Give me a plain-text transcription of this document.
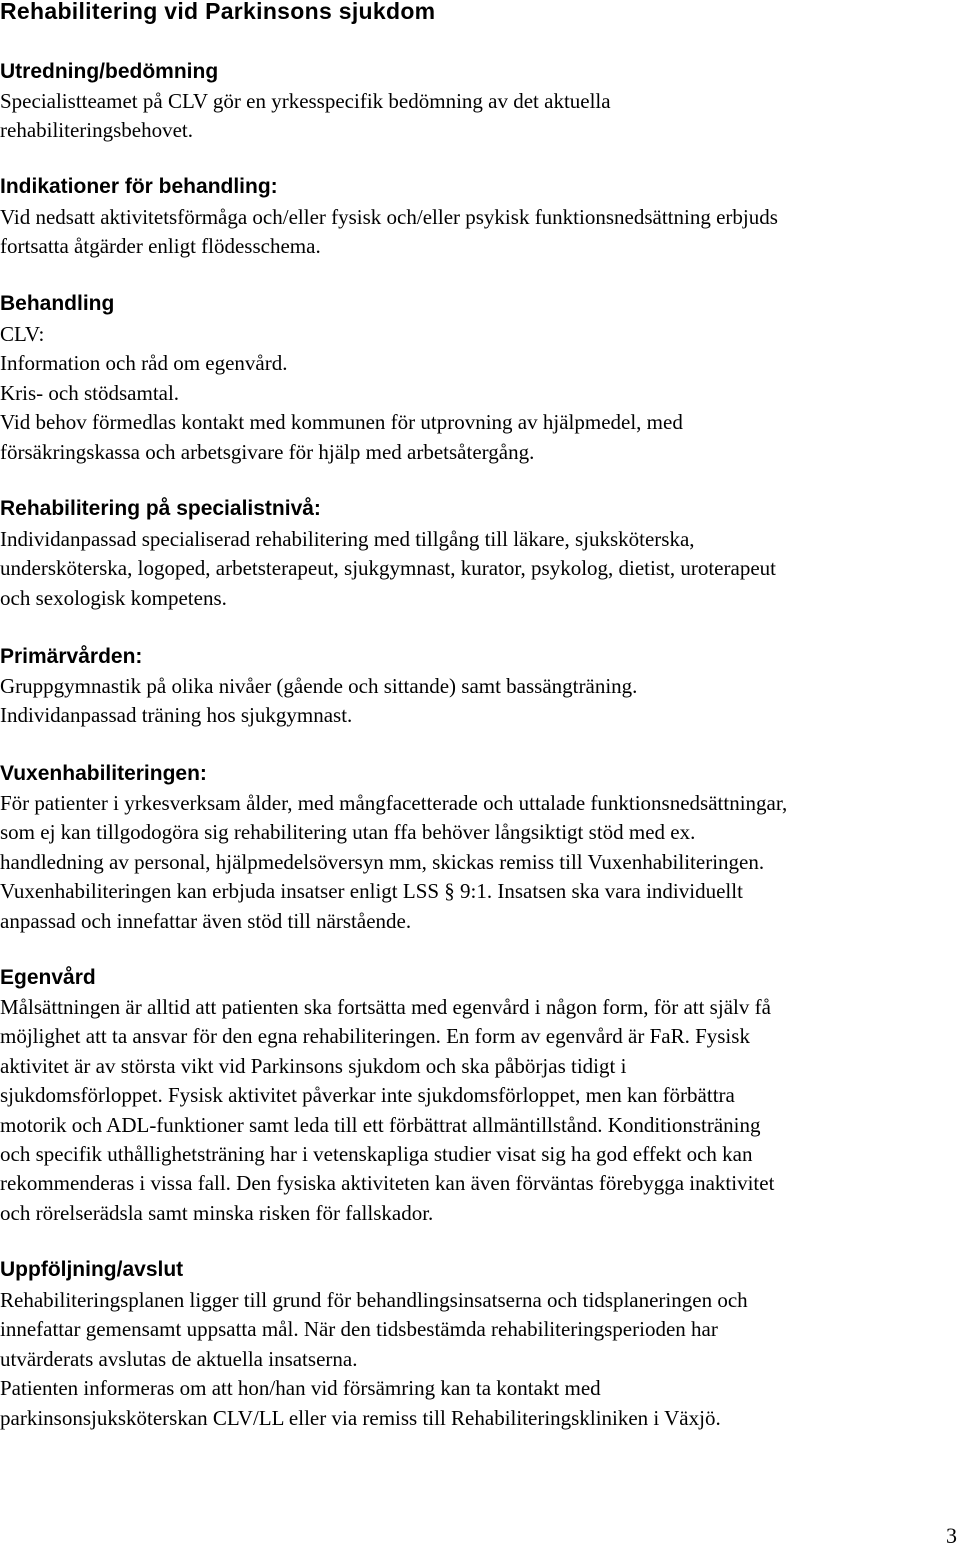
Rehabilitering vid Parkinsons sjukdom
Utredning/bedömning

Specialistteamet på CLV gör en yrkesspecifik bedömning av det aktuella
rehabiliteringsbehovet.

Indikationer för behandling:

Vid nedsatt aktivitetsförmåga och/eller fysisk och/eller psykisk funktionsnedsättning erbjuds
fortsatta åtgärder enligt flödesschema.

Behandling

CLV:
Information och råd om egenvård.
Kris- och stödsamtal.
Vid behov förmedlas kontakt med kommunen för utprovning av hjälpmedel, med
försäkringskassa och arbetsgivare för hjälp med arbetsåtergång.

Rehabilitering på specialistnivå:

Individanpassad specialiserad rehabilitering med tillgång till läkare, sjuksköterska,
undersköterska, logoped, arbetsterapeut, sjukgymnast, kurator, psykolog, dietist, uroterapeut
och sexologisk kompetens.

Primärvården:

Gruppgymnastik på olika nivåer (gående och sittande) samt bassängträning.
Individanpassad träning hos sjukgymnast.

Vuxenhabiliteringen:

För patienter i yrkesverksam ålder, med mångfacetterade och uttalade funktionsnedsättningar,
som ej kan tillgodogöra sig rehabilitering utan ffa behöver långsiktigt stöd med ex.
handledning av personal, hjälpmedelsöversyn mm, skickas remiss till Vuxenhabiliteringen.
Vuxenhabiliteringen kan erbjuda insatser enligt LSS § 9:1. Insatsen ska vara individuellt
anpassad och innefattar även stöd till närstående.

Egenvård

Målsättningen är alltid att patienten ska fortsätta med egenvård i någon form, för att själv få
möjlighet att ta ansvar för den egna rehabiliteringen. En form av egenvård är FaR. Fysisk
aktivitet är av största vikt vid Parkinsons sjukdom och ska påbörjas tidigt i
sjukdomsförloppet. Fysisk aktivitet påverkar inte sjukdomsförloppet, men kan förbättra
motorik och ADL-funktioner samt leda till ett förbättrat allmäntillstånd. Konditionsträning
och specifik uthållighetsträning har i vetenskapliga studier visat sig ha god effekt och kan
rekommenderas i vissa fall. Den fysiska aktiviteten kan även förväntas förebygga inaktivitet
och rörelserädsla samt minska risken för fallskador.

Uppföljning/avslut

Rehabiliteringsplanen ligger till grund för behandlingsinsatserna och tidsplaneringen och
innefattar gemensamt uppsatta mål. När den tidsbestämda rehabiliteringsperioden har
utvärderats avslutas de aktuella insatserna.
Patienten informeras om att hon/han vid försämring kan ta kontakt med
parkinsonsjuksköterskan CLV/LL eller via remiss till Rehabiliteringskliniken i Växjö.

3
